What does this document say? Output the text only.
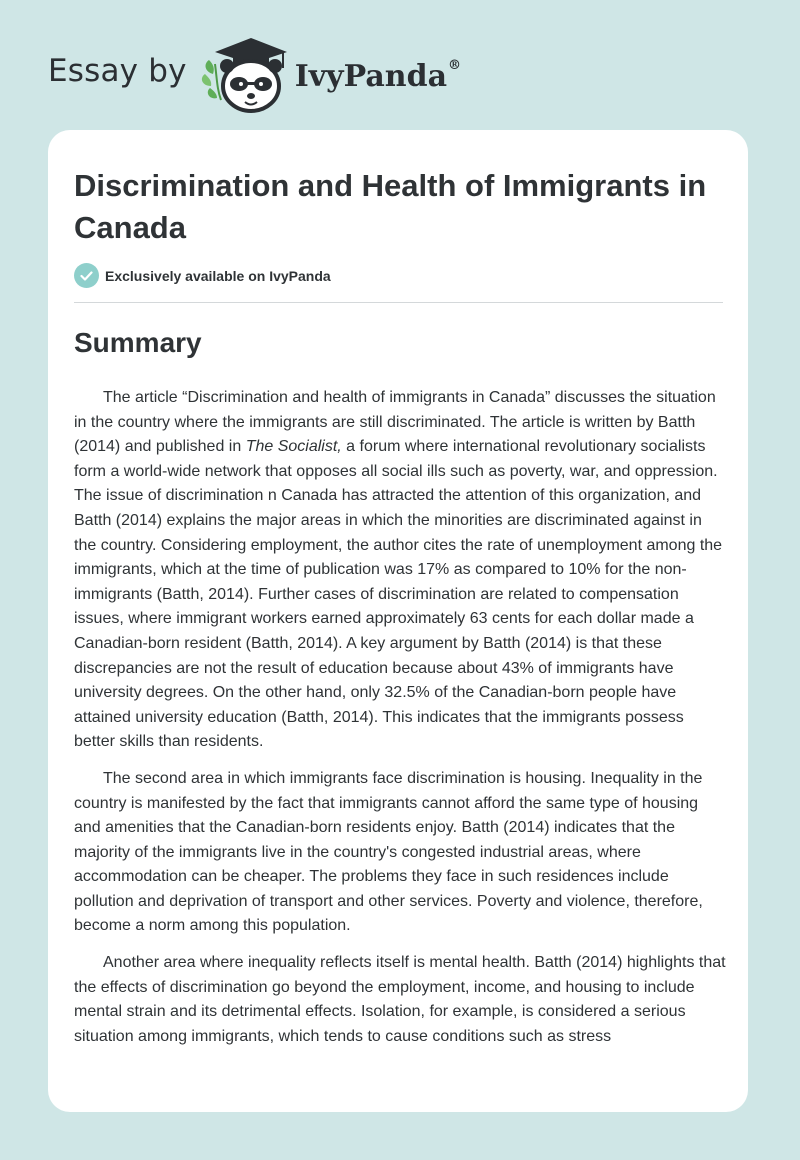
Essay by	IvyPanda®
Discrimination and Health of Immigrants in Canada
Exclusively available on IvyPanda
Summary

The article “Discrimination and health of immigrants in Canada” discusses the situation in the country where the immigrants are still discriminated. The article is written by Batth (2014) and published in The Socialist, a forum where international revolutionary socialists form a world-wide network that opposes all social ills such as poverty, war, and oppression. The issue of discrimination n Canada has attracted the attention of this organization, and Batth (2014) explains the major areas in which the minorities are discriminated against in the country. Considering employment, the author cites the rate of unemployment among the immigrants, which at the time of publication was 17% as compared to 10% for the non-immigrants (Batth, 2014). Further cases of discrimination are related to compensation issues, where immigrant workers earned approximately 63 cents for each dollar made a Canadian-born resident (Batth, 2014). A key argument by Batth (2014) is that these discrepancies are not the result of education because about 43% of immigrants have university degrees. On the other hand, only 32.5% of the Canadian-born people have attained university education (Batth, 2014). This indicates that the immigrants possess better skills than residents.

The second area in which immigrants face discrimination is housing. Inequality in the country is manifested by the fact that immigrants cannot afford the same type of housing and amenities that the Canadian-born residents enjoy. Batth (2014) indicates that the majority of the immigrants live in the country's congested industrial areas, where accommodation can be cheaper. The problems they face in such residences include pollution and deprivation of transport and other services. Poverty and violence, therefore, become a norm among this population.

Another area where inequality reflects itself is mental health. Batth (2014) highlights that the effects of discrimination go beyond the employment, income, and housing to include mental strain and its detrimental effects. Isolation, for example, is considered a serious situation among immigrants, which tends to cause conditions such as stress
